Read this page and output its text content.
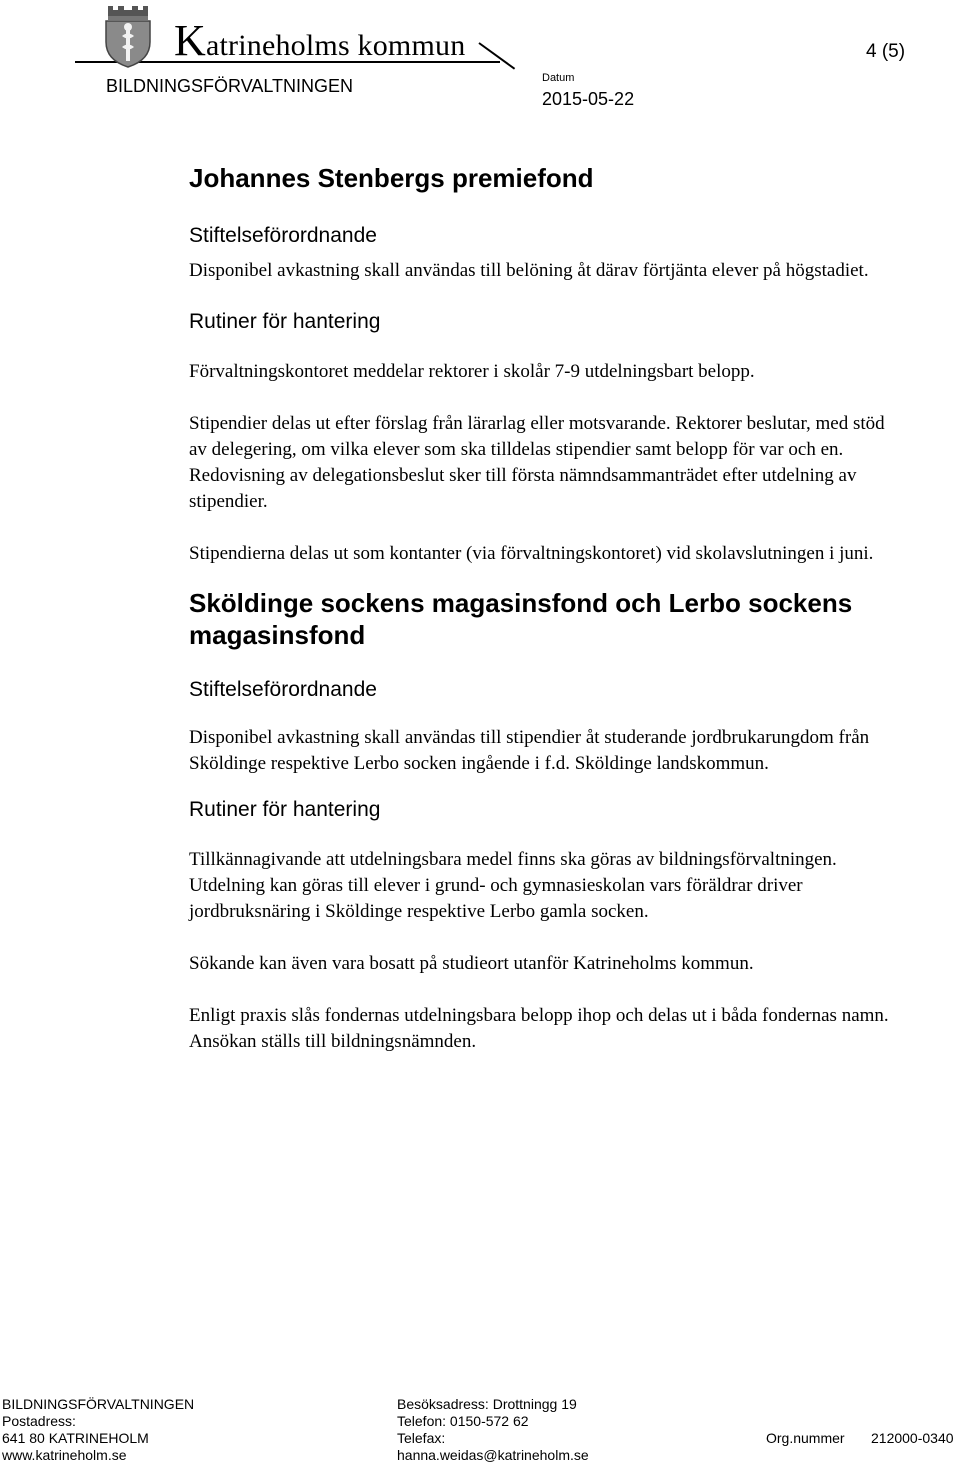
Katrineholms kommun
BILDNINGSFÖRVALTNINGEN
4 (5)
Datum
2015-05-22
Johannes Stenbergs premiefond
Stiftelseförordnande

Disponibel avkastning skall användas till belöning åt därav förtjänta elever på högstadiet.

Rutiner för hantering

Förvaltningskontoret meddelar rektorer i skolår 7-9 utdelningsbart belopp.

Stipendier delas ut efter förslag från lärarlag eller motsvarande. Rektorer beslutar, med stöd av delegering, om vilka elever som ska tilldelas stipendier samt belopp för var och en. Redovisning av delegationsbeslut sker till första nämndsammanträdet efter utdelning av stipendier.

Stipendierna delas ut som kontanter (via förvaltningskontoret) vid skolavslutningen i juni.

Sköldinge sockens magasinsfond och Lerbo sockens magasinsfond
Stiftelseförordnande

Disponibel avkastning skall användas till stipendier åt studerande jordbrukarungdom från Sköldinge respektive Lerbo socken ingående i f.d. Sköldinge landskommun.

Rutiner för hantering

Tillkännagivande att utdelningsbara medel finns ska göras av bildningsförvaltningen. Utdelning kan göras till elever i grund- och gymnasieskolan vars föräldrar driver jordbruksnäring i Sköldinge respektive Lerbo gamla socken.

Sökande kan även vara bosatt på studieort utanför Katrineholms kommun.

Enligt praxis slås fondernas utdelningsbara belopp ihop och delas ut i båda fondernas namn. Ansökan ställs till bildningsnämnden.

BILDNINGSFÖRVALTNINGEN
Postadress:
641 80 KATRINEHOLM
www.katrineholm.se
Besöksadress: Drottningg 19
Telefon: 0150-572 62
Telefax:
hanna.weidas@katrineholm.se
Org.nummer 212000-0340
